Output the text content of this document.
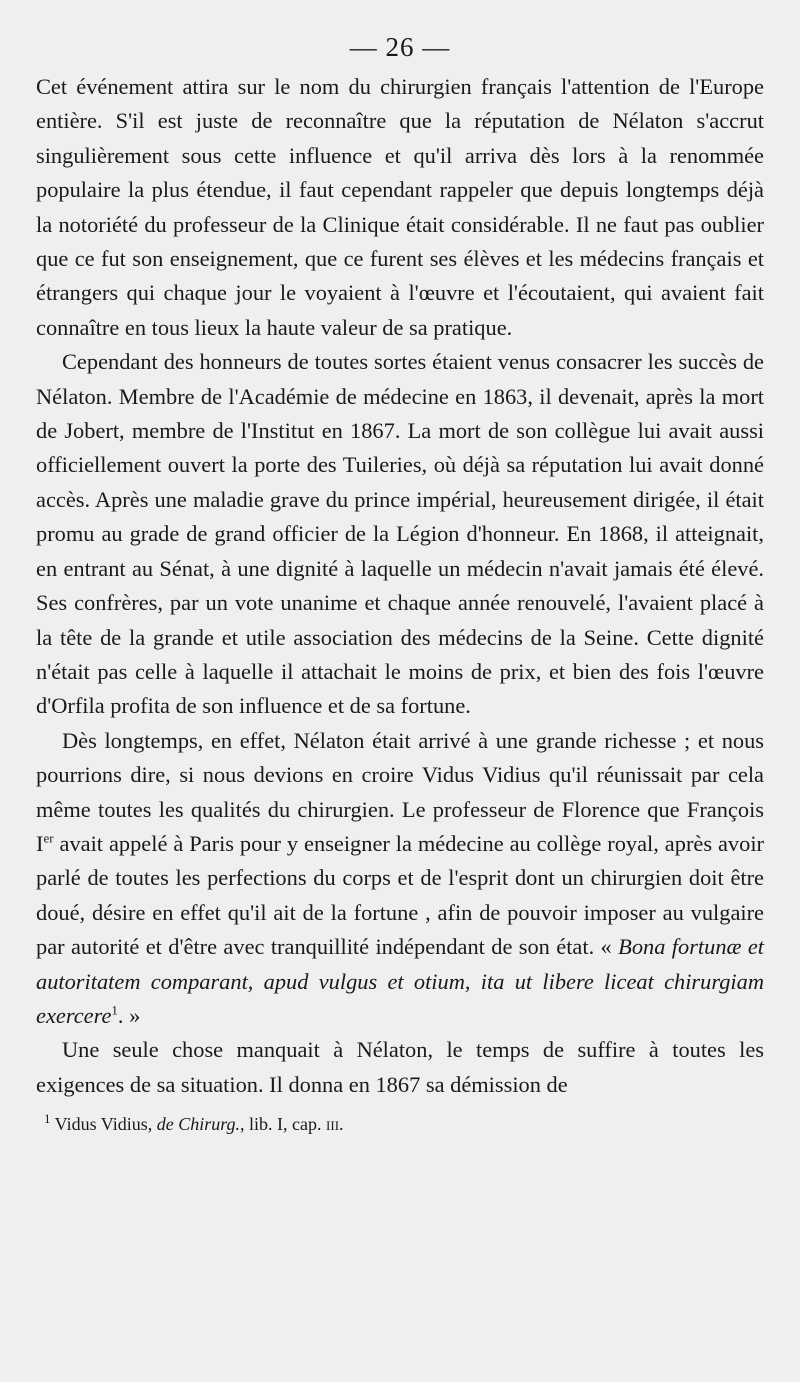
— 26 —

Cet événement attira sur le nom du chirurgien français l'attention de l'Europe entière. S'il est juste de reconnaître que la réputation de Nélaton s'accrut singulièrement sous cette influence et qu'il arriva dès lors à la renommée populaire la plus étendue, il faut cependant rappeler que depuis longtemps déjà la notoriété du professeur de la Clinique était considérable. Il ne faut pas oublier que ce fut son enseignement, que ce furent ses élèves et les médecins français et étrangers qui chaque jour le voyaient à l'œuvre et l'écoutaient, qui avaient fait connaître en tous lieux la haute valeur de sa pratique.

Cependant des honneurs de toutes sortes étaient venus consacrer les succès de Nélaton. Membre de l'Académie de médecine en 1863, il devenait, après la mort de Jobert, membre de l'Institut en 1867. La mort de son collègue lui avait aussi officiellement ouvert la porte des Tuileries, où déjà sa réputation lui avait donné accès. Après une maladie grave du prince impérial, heureusement dirigée, il était promu au grade de grand officier de la Légion d'honneur. En 1868, il atteignait, en entrant au Sénat, à une dignité à laquelle un médecin n'avait jamais été élevé. Ses confrères, par un vote unanime et chaque année renouvelé, l'avaient placé à la tête de la grande et utile association des médecins de la Seine. Cette dignité n'était pas celle à laquelle il attachait le moins de prix, et bien des fois l'œuvre d'Orfila profita de son influence et de sa fortune.

Dès longtemps, en effet, Nélaton était arrivé à une grande richesse ; et nous pourrions dire, si nous devions en croire Vidus Vidius qu'il réunissait par cela même toutes les qualités du chirurgien. Le professeur de Florence que François Ier avait appelé à Paris pour y enseigner la médecine au collège royal, après avoir parlé de toutes les perfections du corps et de l'esprit dont un chirurgien doit être doué, désire en effet qu'il ait de la fortune , afin de pouvoir imposer au vulgaire par autorité et d'être avec tranquillité indépendant de son état. « Bona fortunæ et autoritatem comparant, apud vulgus et otium, ita ut libere liceat chirurgiam exercere$^1$. »

Une seule chose manquait à Nélaton, le temps de suffire à toutes les exigences de sa situation. Il donna en 1867 sa démission de

$^1$ Vidus Vidius, de Chirurg., lib. I, cap. iii.
